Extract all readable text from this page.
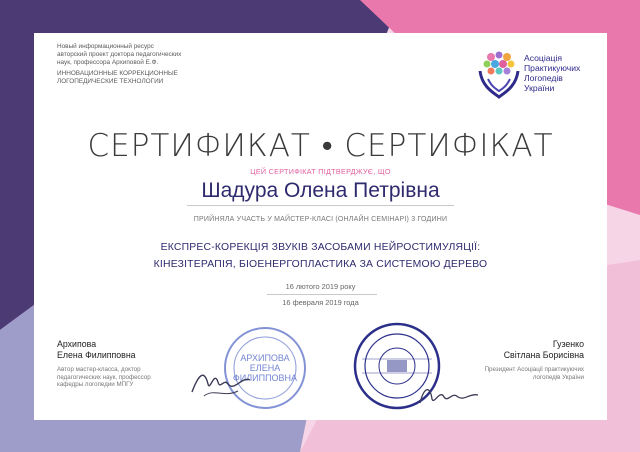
Новый информационный ресурс
авторский проект доктора педагогических
наук, профессора Архиповой Е.Ф.
ИННОВАЦИОННЫЕ КОРРЕКЦИОННЫЕ
ЛОГОПЕДИЧЕСКИЕ ТЕХНОЛОГИИ
Асоціація
Практикуючих
Логопедів
України
СЕРТИФИКАТ • СЕРТИФІКАТ
ЦЕЙ СЕРТИФІКАТ ПІДТВЕРДЖУЄ, ЩО
Шадура Олена Петрівна
ПРИЙНЯЛА УЧАСТЬ У МАЙСТЕР-КЛАСІ (ОНЛАЙН СЕМІНАРІ) 3 ГОДИНИ
ЕКСПРЕС-КОРЕКЦІЯ ЗВУКІВ ЗАСОБАМИ НЕЙРОСТИМУЛЯЦІЇ:
КІНЕЗІТЕРАПІЯ, БІОЕНЕРГОПЛАСТИКА ЗА СИСТЕМОЮ ДЕРЕВО
16 лютого 2019 року
16 февраля 2019 года
Архипова
Елена Филипповна
Автор мастер-класса, доктор
педагогических наук, профессор
кафедры логопедии МПГУ
АРХИПОВА
ЕЛЕНА
ФИЛИППОВНА
Гузенко
Світлана Борисівна
Президент Асоціації практикуючих
логопедів України
